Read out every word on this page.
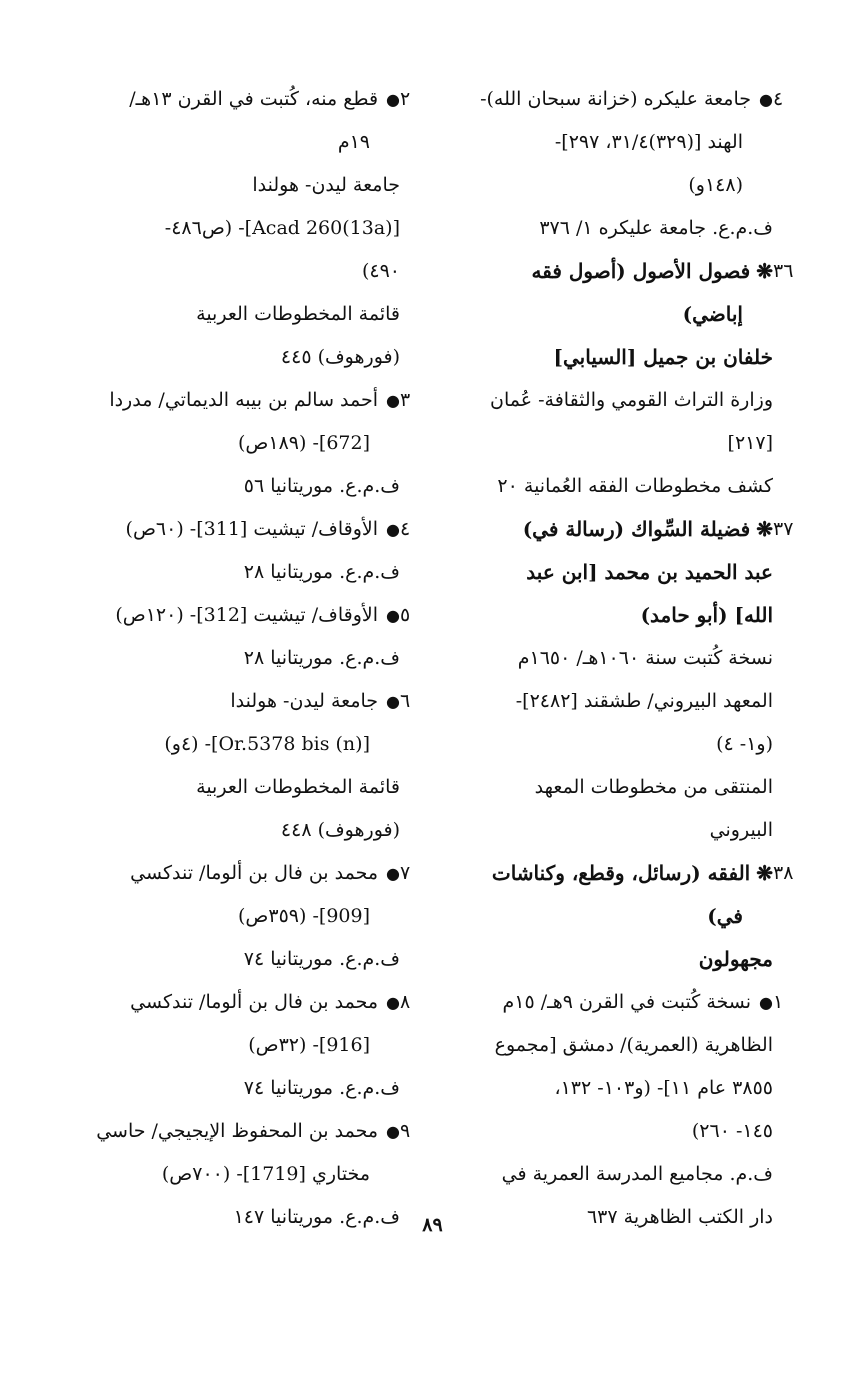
٤
●جامعة عليكره (خزانة سبحان الله)-
الهند [(٣٢٩)٣١/٤، ٢٩٧]-
(١٤٨و)
ف.م.ع. جامعة عليكره ١/ ٣٧٦
٣٦
❋فصول الأصول (أصول فقه
إباضي)
خلفان بن جميل [السيابي]
وزارة التراث القومي والثقافة- عُمان
[٢١٧]
كشف مخطوطات الفقه العُمانية ٢٠
٣٧
❋فضيلة السِّواك (رسالة في)
عبد الحميد بن محمد [ابن عبد
الله] (أبو حامد)
نسخة كُتبت سنة ١٠٦٠هـ/ ١٦٥٠م
المعهد البيروني/ طشقند [٢٤٨٢]-
(و١- ٤)
المنتقى من مخطوطات المعهد
البيروني
٣٨
❋الفقه (رسائل، وقطع، وكناشات
في)
مجهولون
١
●نسخة كُتبت في القرن ٩هـ/ ١٥م
الظاهرية (العمرية)/ دمشق [مجموع
٣٨٥٥ عام ١١]- (و١٠٣- ١٣٢،
١٤٥- ٢٦٠)
ف.م. مجاميع المدرسة العمرية في
دار الكتب الظاهرية ٦٣٧
٢
●قطع منه، كُتبت في القرن ١٣هـ/
١٩م
جامعة ليدن- هولندا
[Acad 260(13a)]- (ص٤٨٦-
٤٩٠)
قائمة المخطوطات العربية
(فورهوف) ٤٤٥
٣
●أحمد سالم بن بيبه الديماتي/ مدردا
[672]- (١٨٩ص)
ف.م.ع. موريتانيا ٥٦
٤
●الأوقاف/ تيشيت [311]- (٦٠ص)
ف.م.ع. موريتانيا ٢٨
٥
●الأوقاف/ تيشيت [312]- (١٢٠ص)
ف.م.ع. موريتانيا ٢٨
٦
●جامعة ليدن- هولندا
[Or.5378 bis (n)]- (٤و)
قائمة المخطوطات العربية
(فورهوف) ٤٤٨
٧
●محمد بن فال بن ألوما/ تندكسي
[909]- (٣٥٩ص)
ف.م.ع. موريتانيا ٧٤
٨
●محمد بن فال بن ألوما/ تندكسي
[916]- (٣٢ص)
ف.م.ع. موريتانيا ٧٤
٩
●محمد بن المحفوظ الإيجيجي/ حاسي
مختاري [1719]- (٧٠٠ص)
ف.م.ع. موريتانيا ١٤٧	٨٩
